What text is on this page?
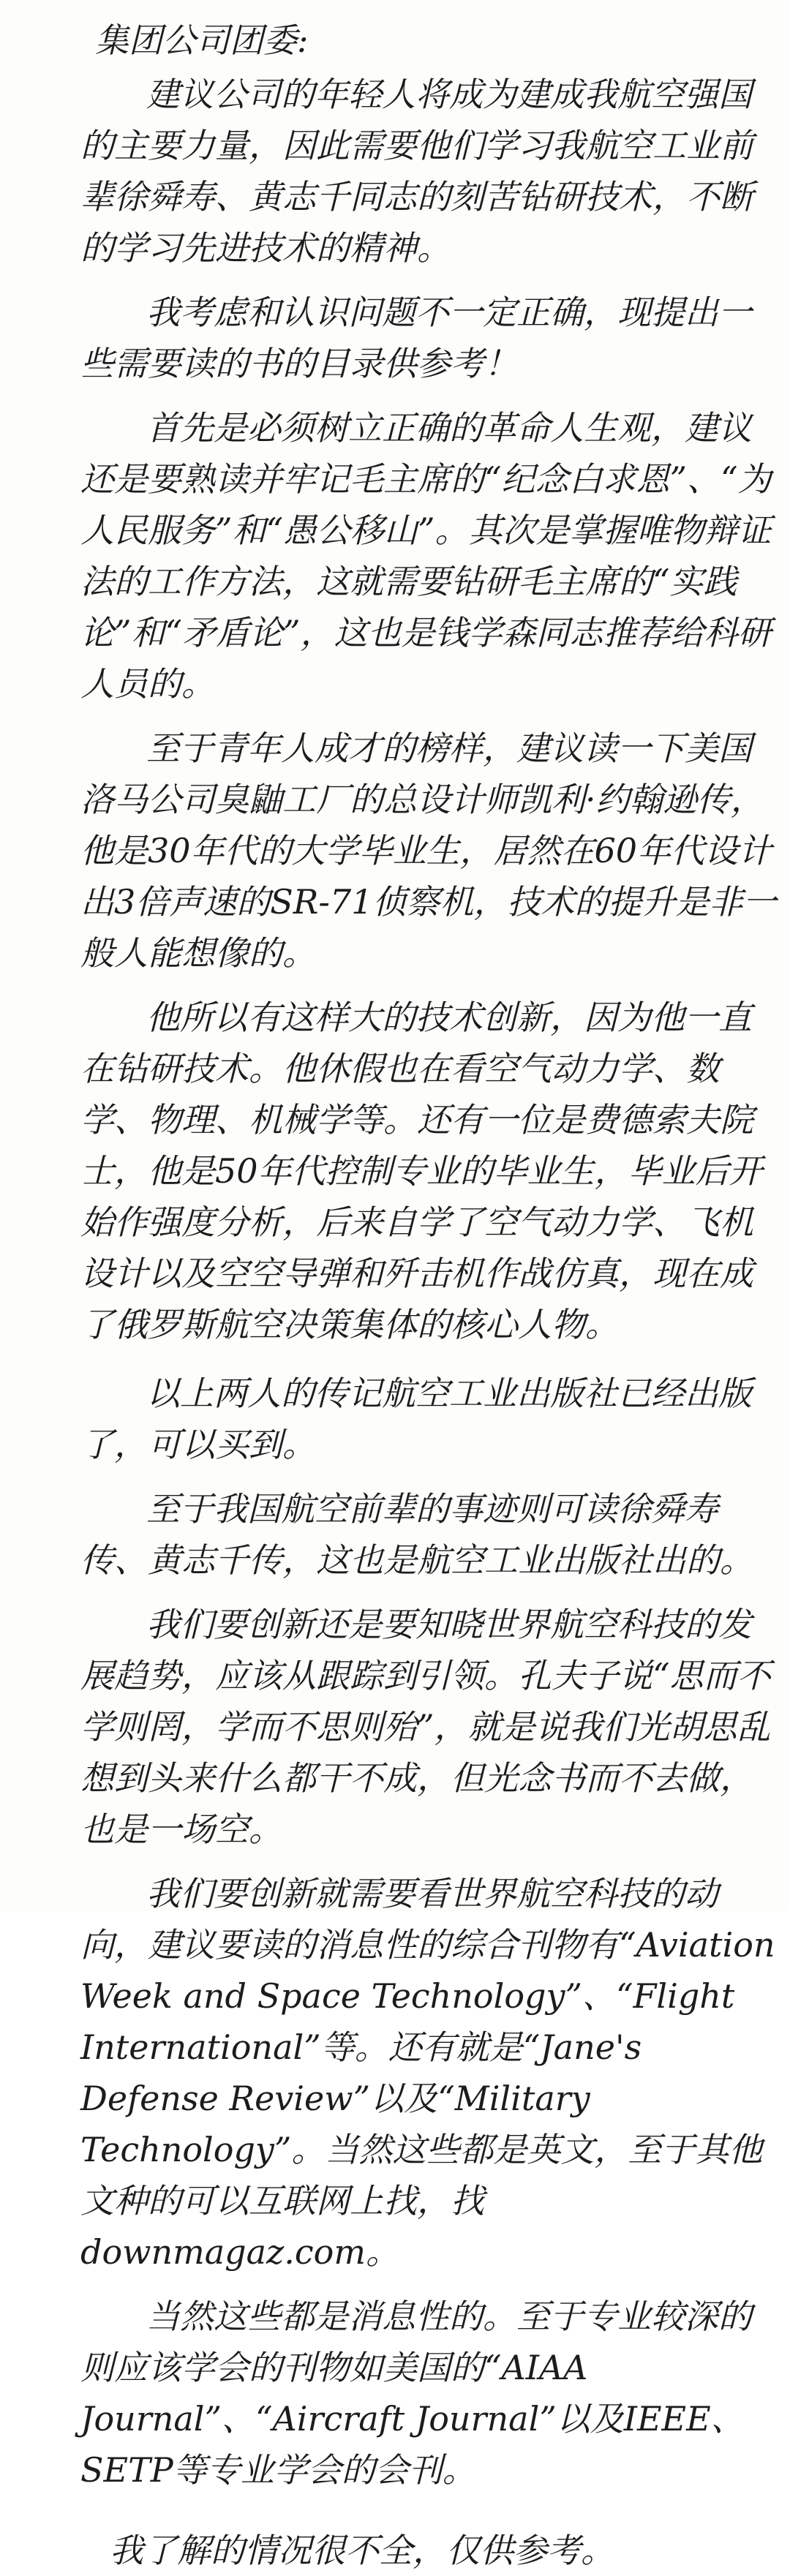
集团公司团委:

建议公司的年轻人将成为建成我航空强国的主要力量，因此需要他们学习我航空工业前辈徐舜寿、黄志千同志的刻苦钻研技术，不断的学习先进技术的精神。

我考虑和认识问题不一定正确，现提出一些需要读的书的目录供参考！

首先是必须树立正确的革命人生观，建议还是要熟读并牢记毛主席的“纪念白求恩”、“为人民服务”和“愚公移山”。其次是掌握唯物辩证法的工作方法，这就需要钻研毛主席的“实践论”和“矛盾论”，这也是钱学森同志推荐给科研人员的。

至于青年人成才的榜样，建议读一下美国洛马公司臭鼬工厂的总设计师凯利·约翰逊传，他是30年代的大学毕业生，居然在60年代设计出3倍声速的SR-71侦察机，技术的提升是非一般人能想像的。

他所以有这样大的技术创新，因为他一直在钻研技术。他休假也在看空气动力学、数学、物理、机械学等。还有一位是费德索夫院士，他是50年代控制专业的毕业生，毕业后开始作强度分析，后来自学了空气动力学、飞机设计以及空空导弹和歼击机作战仿真，现在成了俄罗斯航空决策集体的核心人物。

以上两人的传记航空工业出版社已经出版了，可以买到。

至于我国航空前辈的事迹则可读徐舜寿传、黄志千传，这也是航空工业出版社出的。

我们要创新还是要知晓世界航空科技的发展趋势，应该从跟踪到引领。孔夫子说“思而不学则罔，学而不思则殆”，就是说我们光胡思乱想到头来什么都干不成，但光念书而不去做，也是一场空。

我们要创新就需要看世界航空科技的动向，建议要读的消息性的综合刊物有“Aviation Week and Space Technology”、“Flight International”等。还有就是“Jane's Defense Review”以及“Military Technology”。当然这些都是英文，至于其他文种的可以互联网上找，找downmagaz.com。

当然这些都是消息性的。至于专业较深的则应该学会的刊物如美国的“AIAA Journal”、“Aircraft Journal”以及IEEE、SETP等专业学会的会刊。

我了解的情况很不全，仅供参考。
